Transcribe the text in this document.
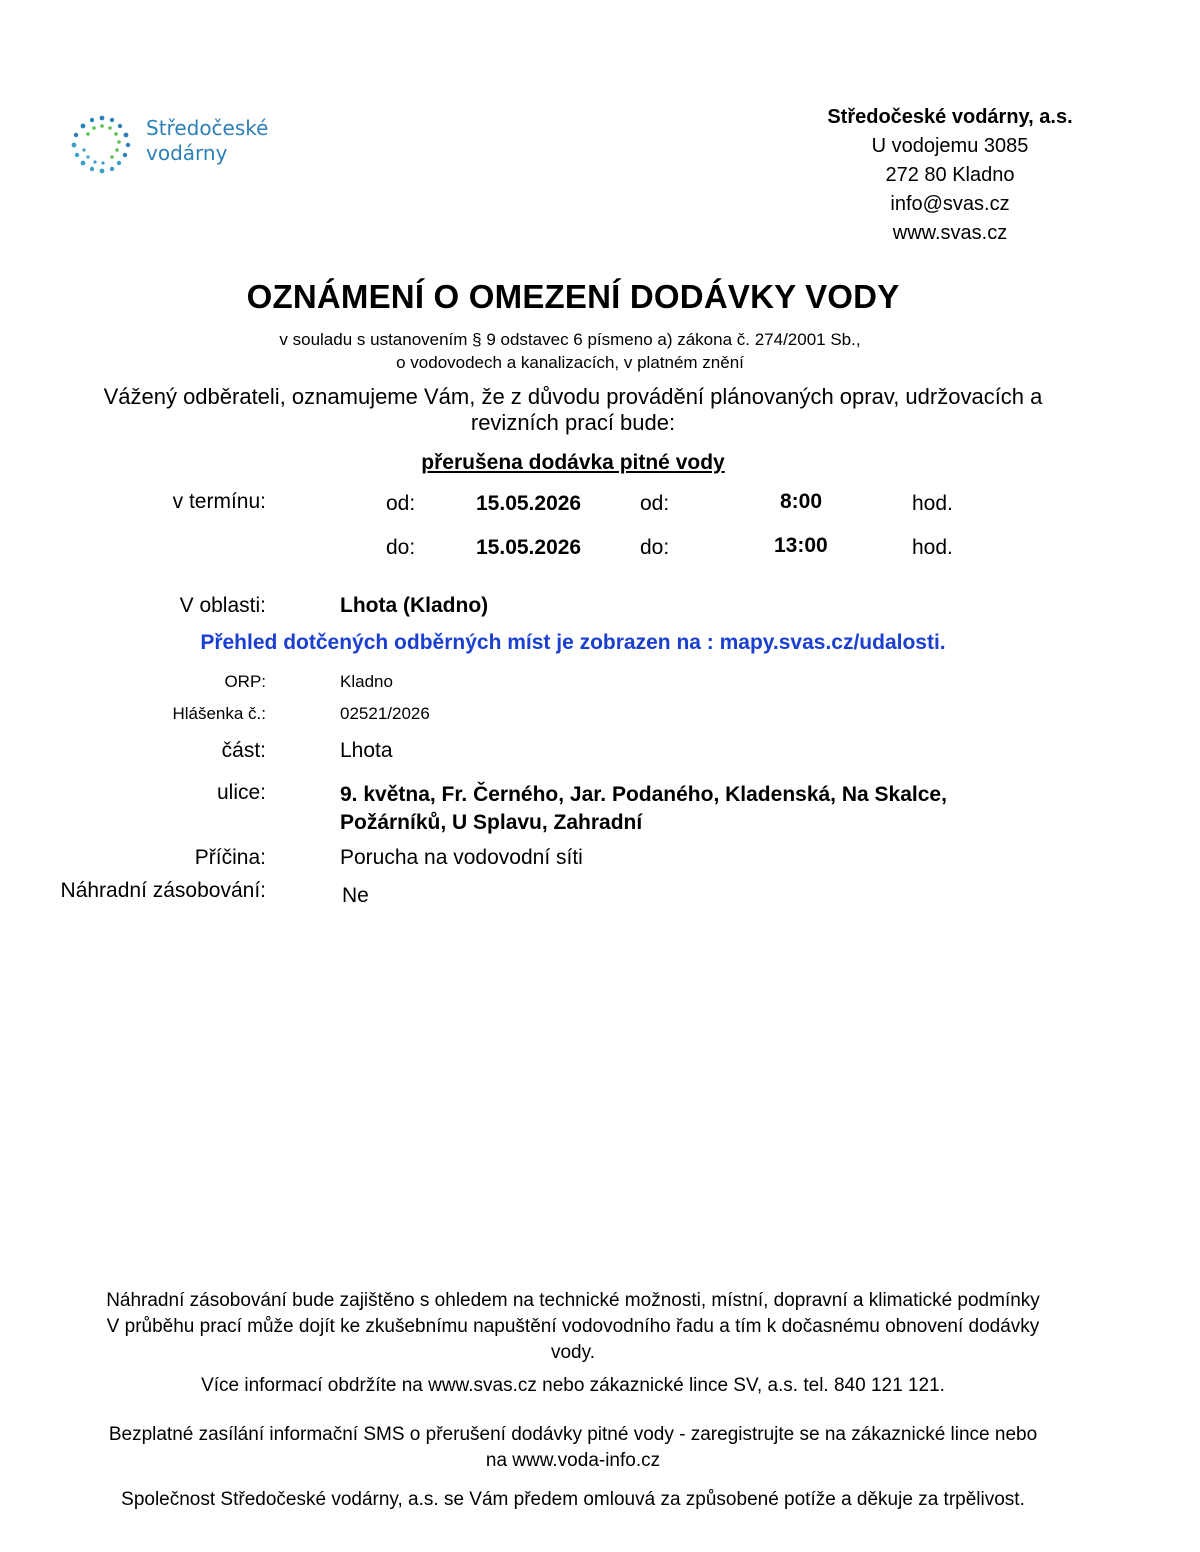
Středočeské
vodárny
Středočeské vodárny, a.s.
U vodojemu 3085
272 80 Kladno
info@svas.cz
www.svas.cz
OZNÁMENÍ O OMEZENÍ DODÁVKY VODY
v souladu s ustanovením § 9 odstavec 6 písmeno a) zákona č. 274/2001 Sb.,
o vodovodech a kanalizacích, v platném znění
Vážený odběrateli, oznamujeme Vám, že z důvodu provádění plánovaných oprav, udržovacích a
revizních prací bude:
přerušena dodávka pitné vody
v termínu:	od:	15.05.2026	od:	8:00	hod.
do:	15.05.2026	do:	13:00	hod.
V oblasti:	Lhota (Kladno)
Přehled dotčených odběrných míst je zobrazen na : mapy.svas.cz/udalosti.
ORP:	Kladno
Hlášenka č.:	02521/2026
část:	Lhota
ulice:	9. května, Fr. Černého, Jar. Podaného, Kladenská, Na Skalce,
Požárníků, U Splavu, Zahradní
Příčina:	Porucha na vodovodní síti
Náhradní zásobování:	Ne
Náhradní zásobování bude zajištěno s ohledem na technické možnosti, místní, dopravní a klimatické podmínky
V průběhu prací může dojít ke zkušebnímu napuštění vodovodního řadu a tím k dočasnému obnovení dodávky
vody.
Více informací obdržíte na www.svas.cz nebo zákaznické lince SV, a.s. tel. 840 121 121.
Bezplatné zasílání informační SMS o přerušení dodávky pitné vody - zaregistrujte se na zákaznické lince nebo
na www.voda-info.cz
Společnost Středočeské vodárny, a.s. se Vám předem omlouvá za způsobené potíže a děkuje za trpělivost.
